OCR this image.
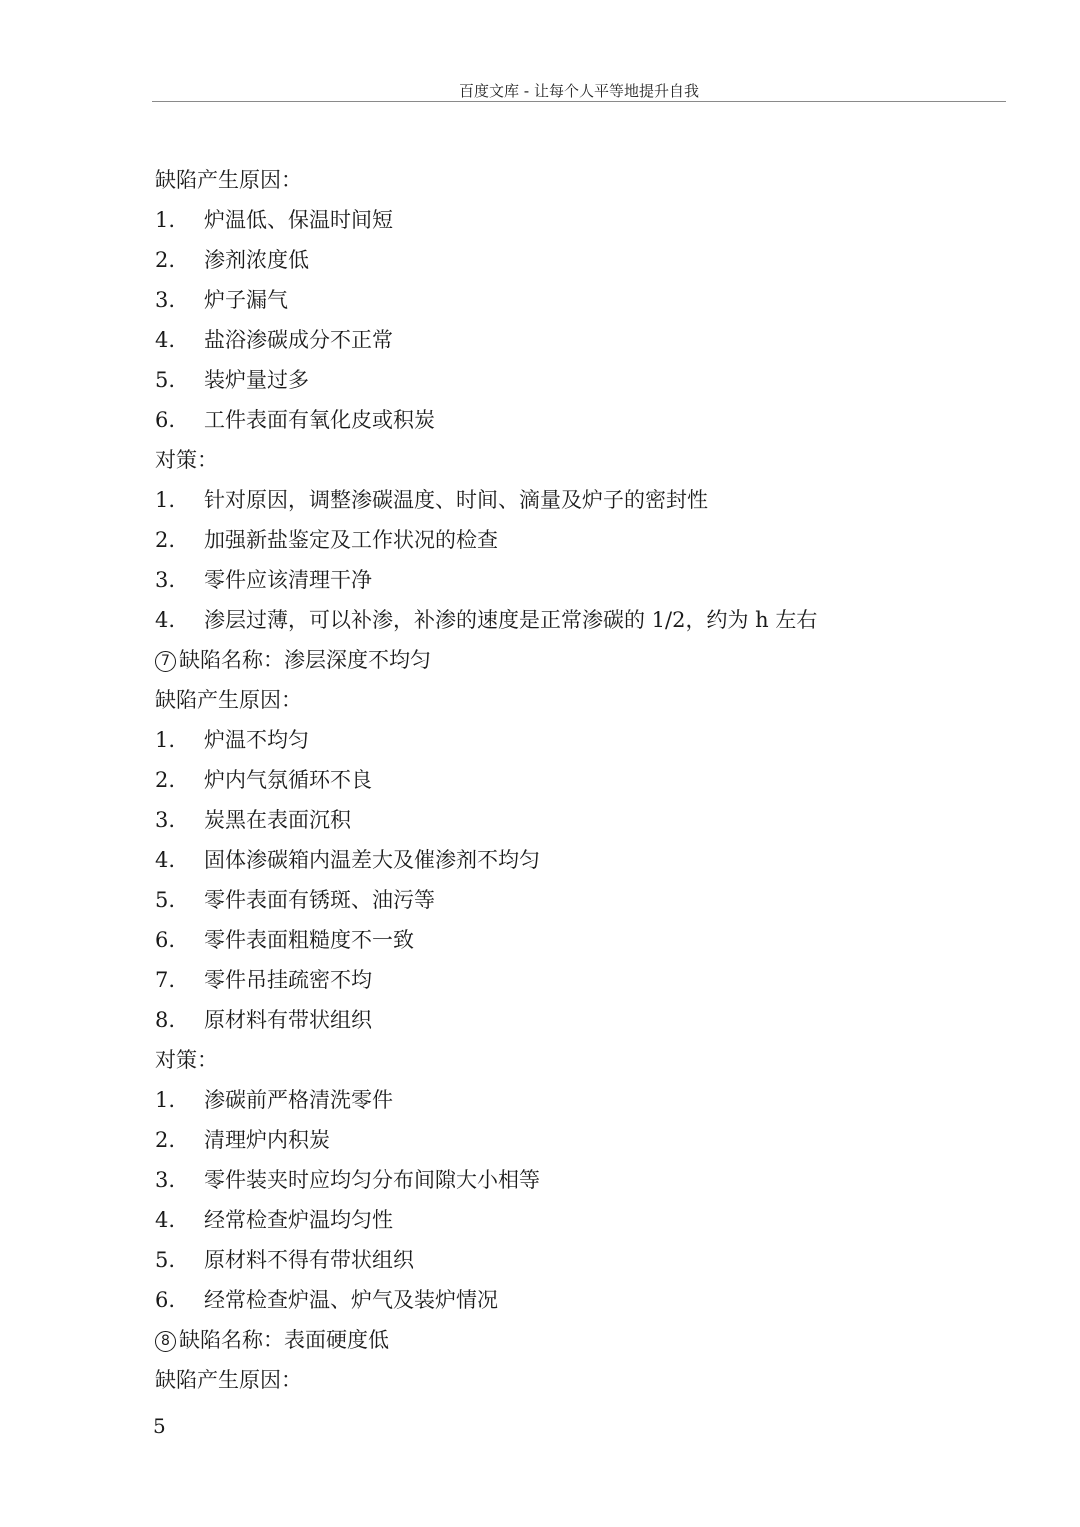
百度文库 - 让每个人平等地提升自我
缺陷产生原因：
1. 炉温低、保温时间短
2. 渗剂浓度低
3. 炉子漏气
4. 盐浴渗碳成分不正常
5. 装炉量过多
6. 工件表面有氧化皮或积炭
对策：
1. 针对原因，调整渗碳温度、时间、滴量及炉子的密封性
2. 加强新盐鉴定及工作状况的检查
3. 零件应该清理干净
4. 渗层过薄，可以补渗，补渗的速度是正常渗碳的 1/2，约为 h 左右
7 缺陷名称：渗层深度不均匀
缺陷产生原因：
1. 炉温不均匀
2. 炉内气氛循环不良
3. 炭黑在表面沉积
4. 固体渗碳箱内温差大及催渗剂不均匀
5. 零件表面有锈斑、油污等
6. 零件表面粗糙度不一致
7. 零件吊挂疏密不均
8. 原材料有带状组织
对策：
1. 渗碳前严格清洗零件
2. 清理炉内积炭
3. 零件装夹时应均匀分布间隙大小相等
4. 经常检查炉温均匀性
5. 原材料不得有带状组织
6. 经常检查炉温、炉气及装炉情况
8 缺陷名称：表面硬度低
缺陷产生原因：
5
